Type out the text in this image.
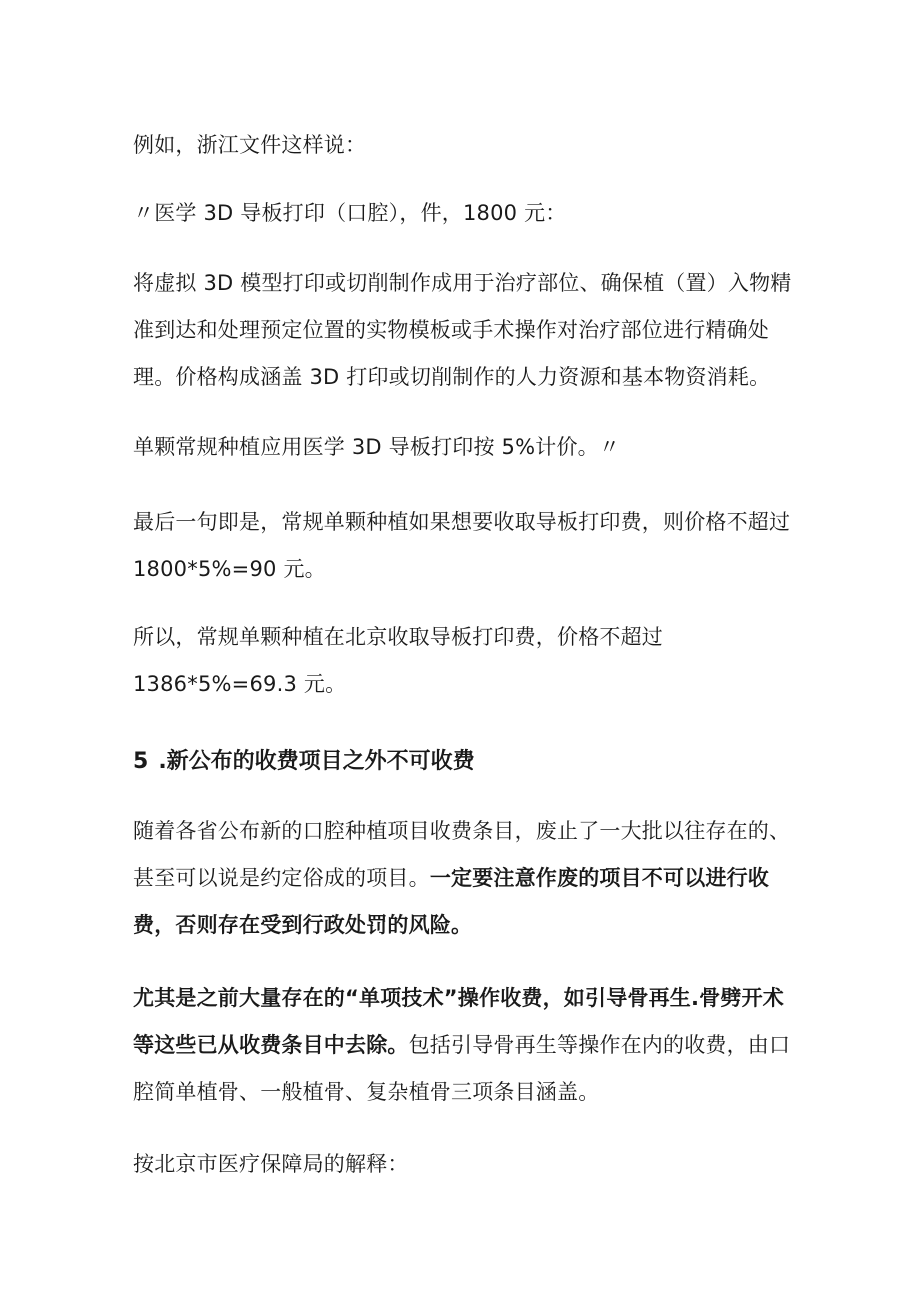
例如，浙江文件这样说：

〃医学 3D 导板打印（口腔），件，1800 元：

将虚拟 3D 模型打印或切削制作成用于治疗部位、确保植（置）入物精准到达和处理预定位置的实物模板或手术操作对治疗部位进行精确处理。价格构成涵盖 3D 打印或切削制作的人力资源和基本物资消耗。

单颗常规种植应用医学 3D 导板打印按 5%计价。〃

最后一句即是，常规单颗种植如果想要收取导板打印费，则价格不超过 1800*5%=90 元。

所以，常规单颗种植在北京收取导板打印费，价格不超过 1386*5%=69.3 元。

5 .新公布的收费项目之外不可收费

随着各省公布新的口腔种植项目收费条目，废止了一大批以往存在的、甚至可以说是约定俗成的项目。一定要注意作废的项目不可以进行收费，否则存在受到行政处罚的风险。

尤其是之前大量存在的“单项技术”操作收费，如引导骨再生.骨劈开术等这些已从收费条目中去除。包括引导骨再生等操作在内的收费，由口腔简单植骨、一般植骨、复杂植骨三项条目涵盖。

按北京市医疗保障局的解释：
